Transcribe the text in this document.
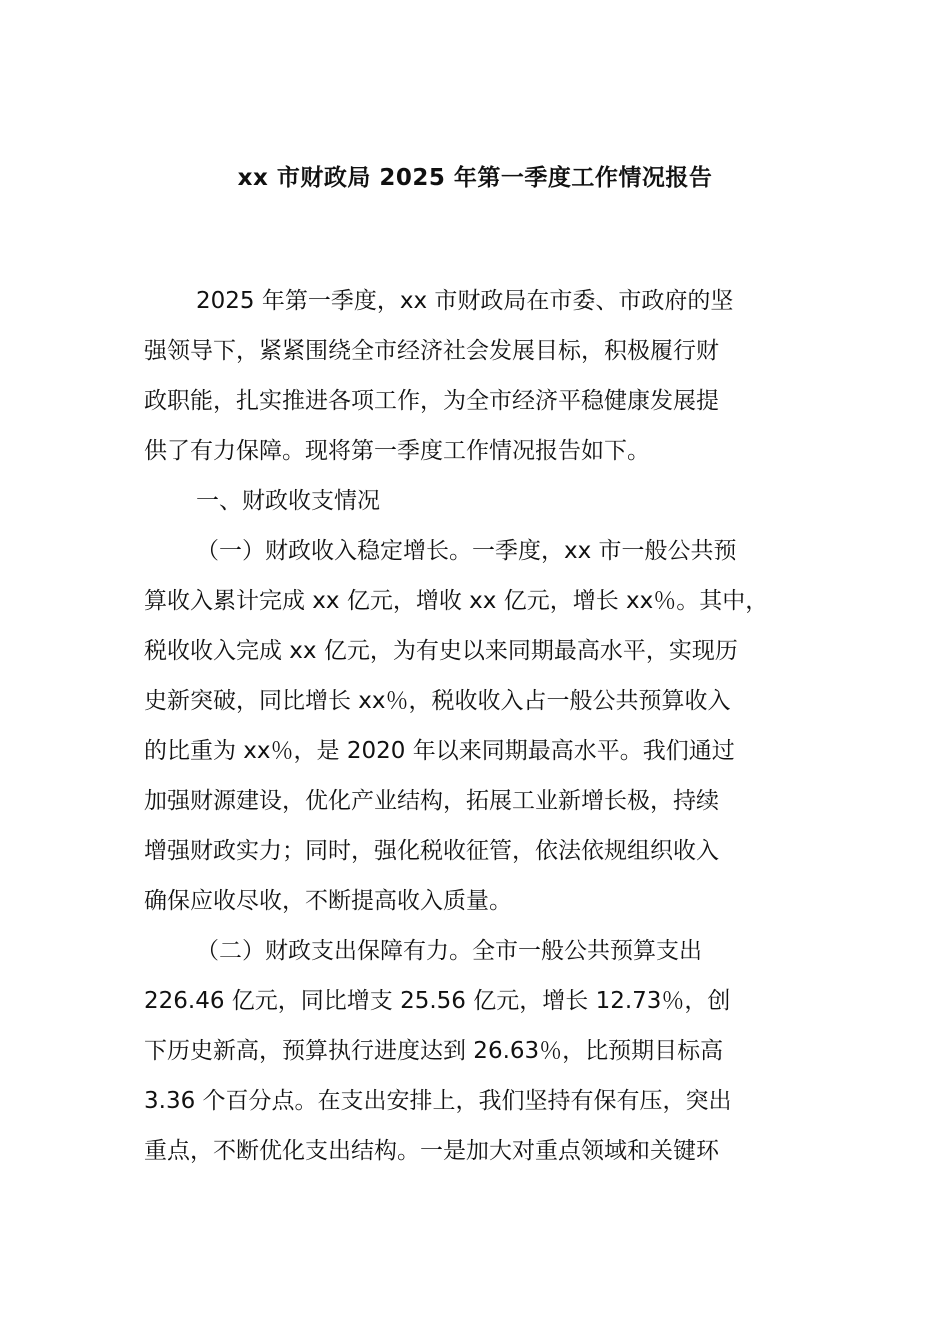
xx 市财政局 2025 年第一季度工作情况报告
2025 年第一季度，xx 市财政局在市委、市政府的坚
强领导下，紧紧围绕全市经济社会发展目标，积极履行财
政职能，扎实推进各项工作，为全市经济平稳健康发展提
供了有力保障。现将第一季度工作情况报告如下。
一、财政收支情况
（一）财政收入稳定增长。一季度，xx 市一般公共预
算收入累计完成 xx 亿元，增收 xx 亿元，增长 xx％。其中，
税收收入完成 xx 亿元，为有史以来同期最高水平，实现历
史新突破，同比增长 xx％，税收收入占一般公共预算收入
的比重为 xx％，是 2020 年以来同期最高水平。我们通过
加强财源建设，优化产业结构，拓展工业新增长极，持续
增强财政实力；同时，强化税收征管，依法依规组织收入
确保应收尽收，不断提高收入质量。
（二）财政支出保障有力。全市一般公共预算支出
226.46 亿元，同比增支 25.56 亿元，增长 12.73％，创
下历史新高，预算执行进度达到 26.63％，比预期目标高
3.36 个百分点。在支出安排上，我们坚持有保有压，突出
重点，不断优化支出结构。一是加大对重点领域和关键环
